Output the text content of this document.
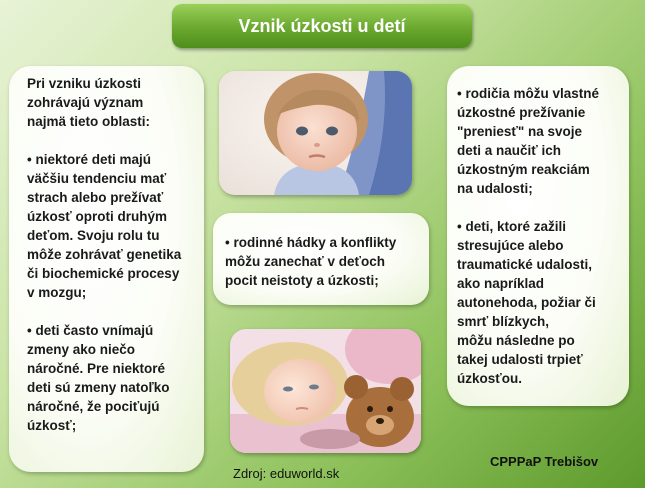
Vznik úzkosti u detí

Pri vzniku úzkosti
zohrávajú význam
najmä tieto oblasti:

• niektoré deti majú
väčšiu tendenciu mať
strach alebo prežívať
úzkosť oproti druhým
deťom. Svoju rolu tu
môže zohrávať genetika
či biochemické procesy
v mozgu;

• deti často vnímajú
zmeny ako niečo
náročné. Pre niektoré
deti sú zmeny natoľko
náročné, že pociťujú
úzkosť;

• rodinné hádky a konflikty
môžu zanechať v deťoch
pocit neistoty a úzkosti;

• rodičia môžu vlastné
úzkostné prežívanie
"preniesť" na svoje
deti a naučiť ich
úzkostným reakciám
na udalosti;

• deti, ktoré zažili
stresujúce alebo
traumatické udalosti,
ako napríklad
autonehoda, požiar či
smrť blízkych,
môžu následne po
takej udalosti trpieť
úzkosťou.

Zdroj: eduworld.sk
CPPPaP Trebišov
